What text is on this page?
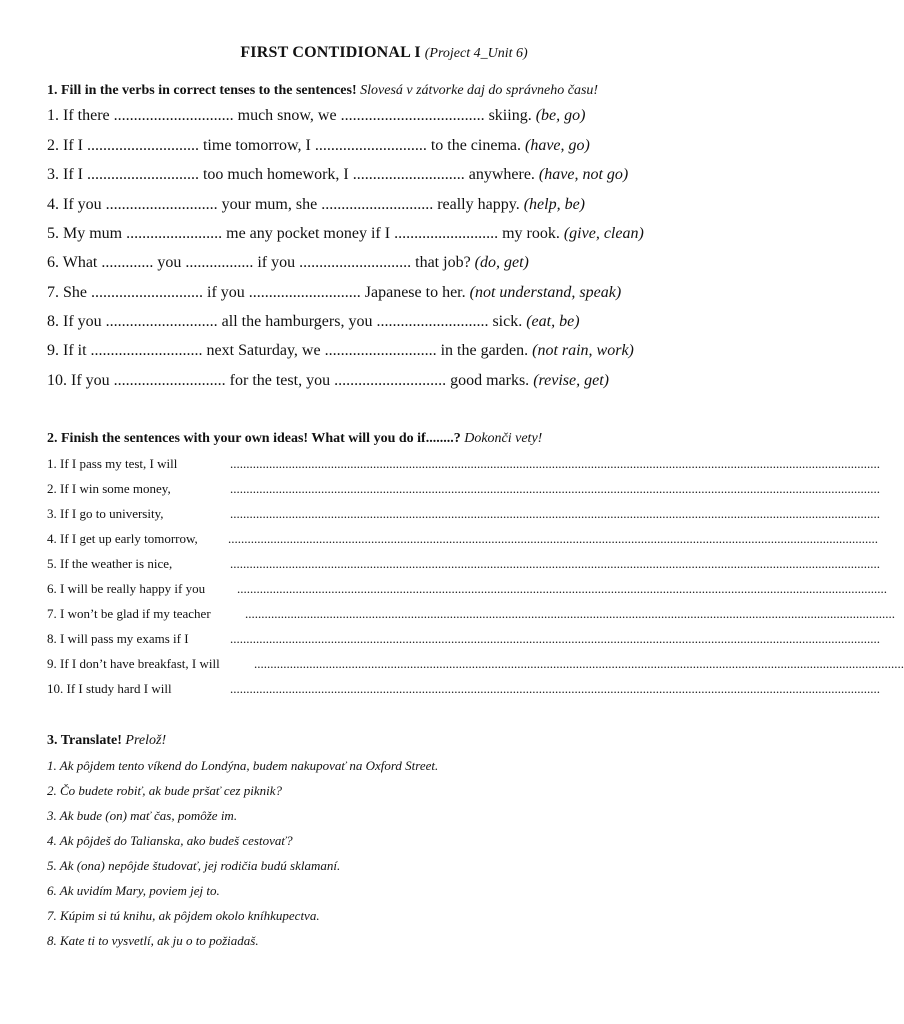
FIRST CONTIDIONAL I (Project 4_Unit 6)
1. Fill in the verbs in correct tenses to the sentences! Slovesá v zátvorke daj do správneho času!
1. If there .............................. much snow, we .................................... skiing. (be, go)
2. If I ............................ time tomorrow, I ............................ to the cinema. (have, go)
3. If I ............................ too much homework, I ............................ anywhere. (have, not go)
4. If you ............................ your mum, she ............................ really happy. (help, be)
5. My mum ........................ me any pocket money if I .......................... my rook. (give, clean)
6. What ............. you ................. if you ............................ that job? (do, get)
7. She ............................ if you ............................ Japanese to her. (not understand, speak)
8. If you ............................ all the hamburgers, you ............................ sick. (eat, be)
9. If it ............................ next Saturday, we ............................ in the garden. (not rain, work)
10. If you ............................ for the test, you ............................ good marks. (revise, get)
2. Finish the sentences with your own ideas! What will you do if........? Dokonči vety!
1. If I pass my test, I will	........................................................................................................................................................................................................
2. If I win some money,	........................................................................................................................................................................................................
3. If I go to university,	........................................................................................................................................................................................................
4. If I get up early tomorrow, ........................................................................................................................................................................................................
5. If the weather is nice,	........................................................................................................................................................................................................
6. I will be really happy if you ........................................................................................................................................................................................................
7. I won’t be glad if my teacher	........................................................................................................................................................................................................
8. I will pass my exams if I	........................................................................................................................................................................................................
9. If I don’t have breakfast, I will	........................................................................................................................................................................................................
10. If I study hard I will	........................................................................................................................................................................................................
3. Translate! Prelož!
1. Ak pôjdem tento víkend do Londýna, budem nakupovať na Oxford Street.
2. Čo budete robiť, ak bude pršať cez piknik?
3. Ak bude (on) mať čas, pomôže im.
4. Ak pôjdeš do Talianska, ako budeš cestovať?
5. Ak (ona) nepôjde študovať, jej rodičia budú sklamaní.
6. Ak uvidím Mary, poviem jej to.
7. Kúpim si tú knihu, ak pôjdem okolo kníhkupectva.
8. Kate ti to vysvetlí, ak ju o to požiadaš.
